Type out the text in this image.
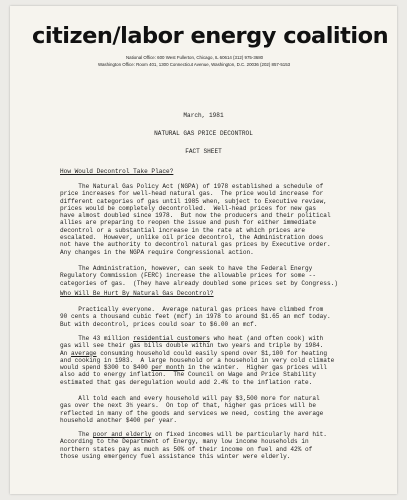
citizen/labor energy coalition
National Office: 600 West Fullerton, Chicago, IL 60614 (312) 975-3680
Washington Office: Room 401, 1300 Connecticut Avenue, Washington, D.C. 20036 (202) 857-5153
March, 1981
NATURAL GAS PRICE DECONTROL
FACT SHEET
How Would Decontrol Take Place?
The Natural Gas Policy Act (NGPA) of 1978 established a schedule of
price increases for well-head natural gas.  The price would increase for
different categories of gas until 1985 when, subject to Executive review,
prices would be completely decontrolled.  Well-head prices for new gas
have almost doubled since 1978.  But now the producers and their political
allies are preparing to reopen the issue and push for either immediate
decontrol or a substantial increase in the rate at which prices are
escalated.  However, unlike oil price decontrol, the Administration does
not have the authority to decontrol natural gas prices by Executive order.
Any changes in the NGPA require Congressional action.
The Administration, however, can seek to have the Federal Energy
Regulatory Commission (FERC) increase the allowable prices for some --
categories of gas.  (They have already doubled some prices set by Congress.)
Who Will Be Hurt By Natural Gas Decontrol?
Practically everyone.  Average natural gas prices have climbed from
90 cents a thousand cubic feet (mcf) in 1978 to around $1.65 an mcf today.
But with decontrol, prices could soar to $6.00 an mcf.
The 43 million residential customers who heat (and often cook) with
gas will see their gas bills double within two years and triple by 1984.
An average consuming household could easily spend over $1,100 for heating
and cooking in 1983.  A large household or a household in very cold climate
would spend $300 to $400 per month in the winter.  Higher gas prices will
also add to energy inflation.  The Council on Wage and Price Stability
estimated that gas deregulation would add 2.4% to the inflation rate.
All told each and every household will pay $3,500 more for natural
gas over the next 3½ years.  On top of that, higher gas prices will be
reflected in many of the goods and services we need, costing the average
household another $400 per year.
The poor and elderly on fixed incomes will be particularly hard hit.
According to the Department of Energy, many low income households in
northern states pay as much as 50% of their income on fuel and 42% of
those using emergency fuel assistance this winter were elderly.
